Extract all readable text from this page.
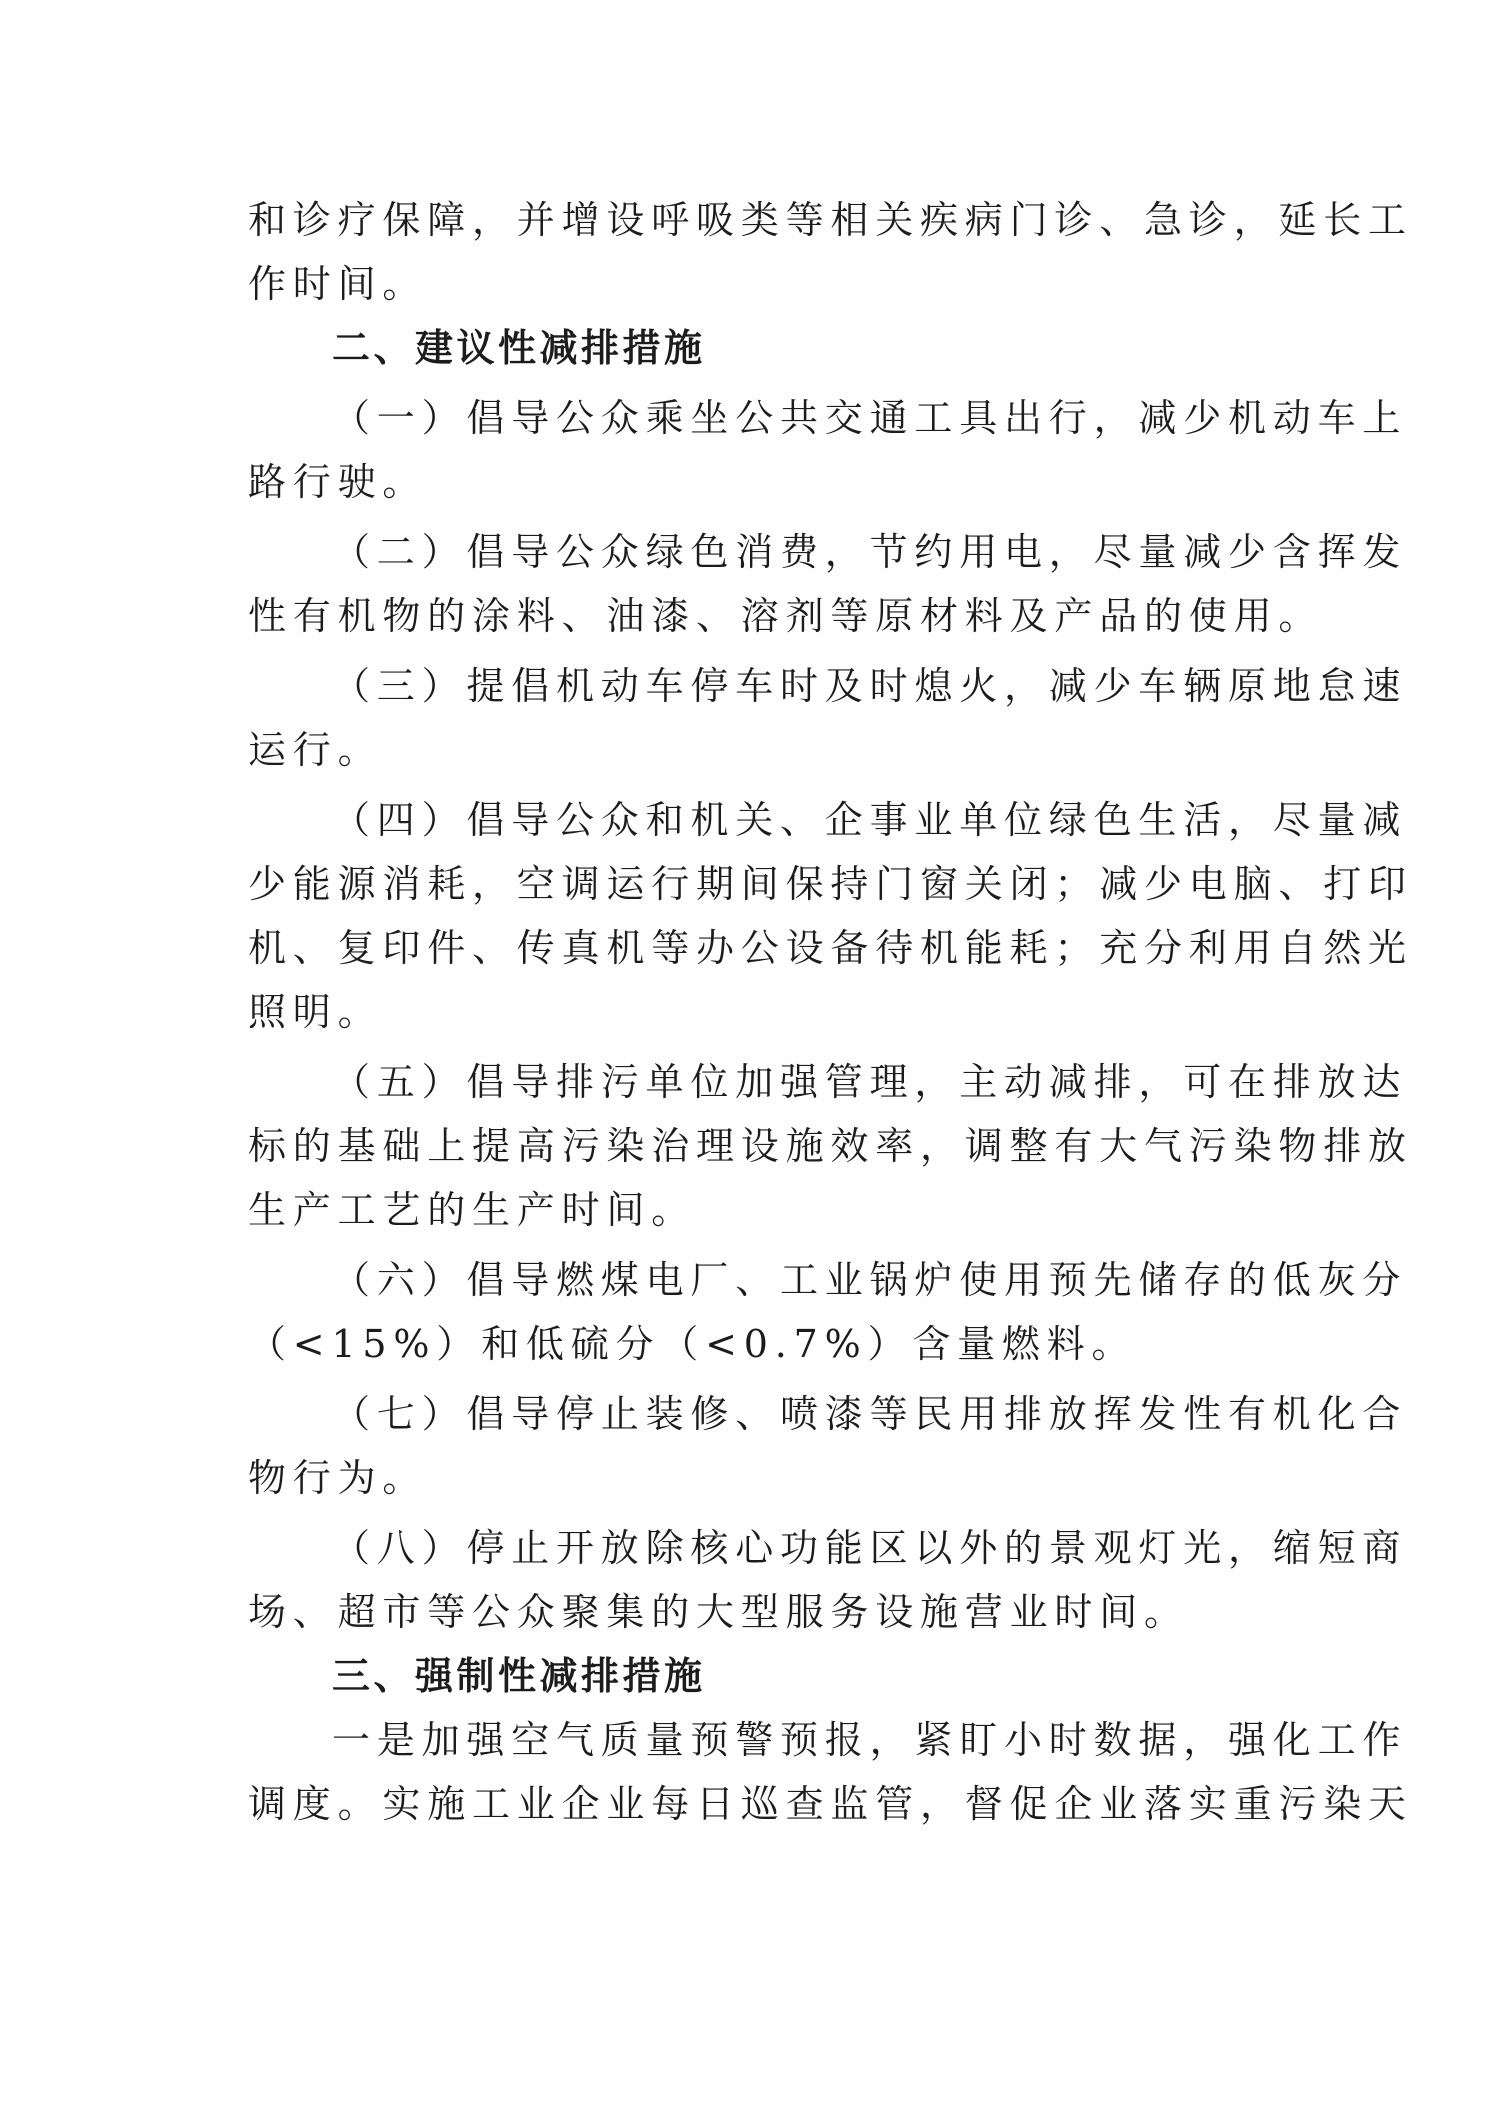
和诊疗保障，并增设呼吸类等相关疾病门诊、急诊，延长工
作时间。
二、建议性减排措施
（一）倡导公众乘坐公共交通工具出行，减少机动车上
路行驶。
（二）倡导公众绿色消费，节约用电，尽量减少含挥发
性有机物的涂料、油漆、溶剂等原材料及产品的使用。
（三）提倡机动车停车时及时熄火，减少车辆原地怠速
运行。
（四）倡导公众和机关、企事业单位绿色生活，尽量减
少能源消耗，空调运行期间保持门窗关闭；减少电脑、打印
机、复印件、传真机等办公设备待机能耗；充分利用自然光
照明。
（五）倡导排污单位加强管理，主动减排，可在排放达
标的基础上提高污染治理设施效率，调整有大气污染物排放
生产工艺的生产时间。
（六）倡导燃煤电厂、工业锅炉使用预先储存的低灰分
（<15%）和低硫分（<0.7%）含量燃料。
（七）倡导停止装修、喷漆等民用排放挥发性有机化合
物行为。
（八）停止开放除核心功能区以外的景观灯光，缩短商
场、超市等公众聚集的大型服务设施营业时间。
三、强制性减排措施
一是加强空气质量预警预报，紧盯小时数据，强化工作
调度。实施工业企业每日巡查监管，督促企业落实重污染天
